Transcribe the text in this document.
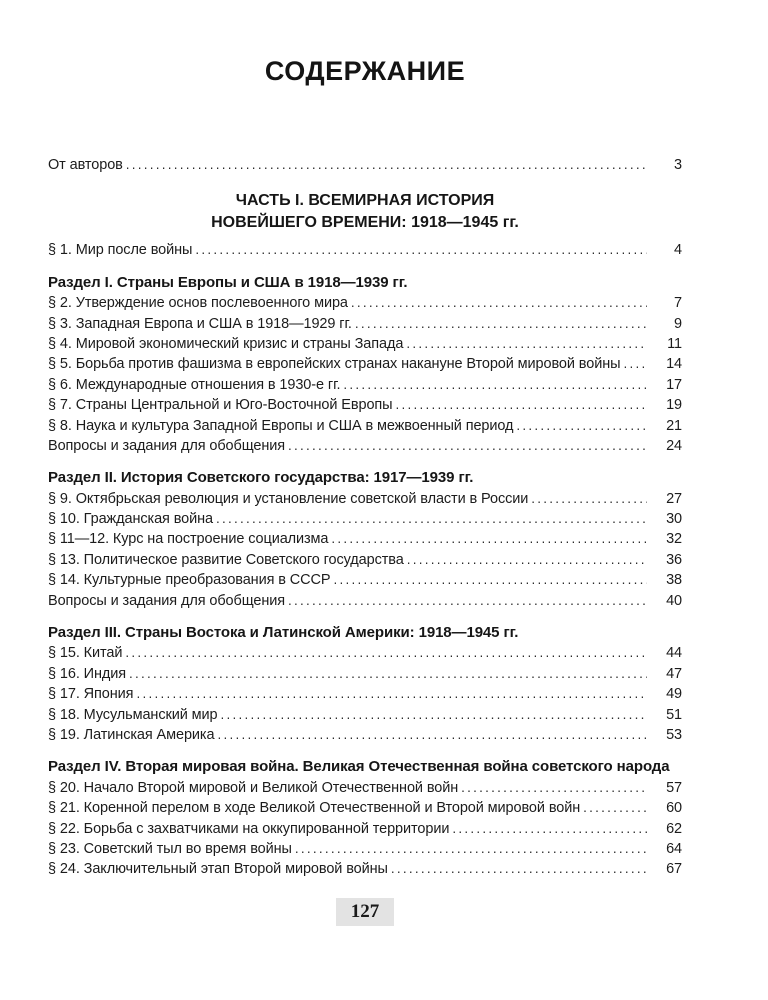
СОДЕРЖАНИЕ
От авторов . . .	3
ЧАСТЬ I. ВСЕМИРНАЯ ИСТОРИЯ
НОВЕЙШЕГО ВРЕМЕНИ: 1918—1945 гг.
§ 1. Мир после войны . . .	4
Раздел I. Страны Европы и США в 1918—1939 гг.
§ 2. Утверждение основ послевоенного мира . . .	7
§ 3. Западная Европа и США в 1918—1929 гг. . . .	9
§ 4. Мировой экономический кризис и страны Запада . . .	11
§ 5. Борьба против фашизма в европейских странах накануне Второй мировой войны . . .	14
§ 6. Международные отношения в 1930-е гг. . . .	17
§ 7. Страны Центральной и Юго-Восточной Европы . . .	19
§ 8. Наука и культура Западной Европы и США в межвоенный период . . .	21
Вопросы и задания для обобщения . . .	24
Раздел II. История Советского государства: 1917—1939 гг.
§ 9. Октябрьская революция и установление советской власти в России . . .	27
§ 10. Гражданская война . . .	30
§ 11—12. Курс на построение социализма . . .	32
§ 13. Политическое развитие Советского государства . . .	36
§ 14. Культурные преобразования в СССР . . .	38
Вопросы и задания для обобщения . . .	40
Раздел III. Страны Востока и Латинской Америки: 1918—1945 гг.
§ 15. Китай . . .	44
§ 16. Индия . . .	47
§ 17. Япония . . .	49
§ 18. Мусульманский мир . . .	51
§ 19. Латинская Америка . . .	53
Раздел IV. Вторая мировая война. Великая Отечественная война советского народа
§ 20. Начало Второй мировой и Великой Отечественной войн . . .	57
§ 21. Коренной перелом в ходе Великой Отечественной и Второй мировой войн . . .	60
§ 22. Борьба с захватчиками на оккупированной территории . . .	62
§ 23. Советский тыл во время войны . . .	64
§ 24. Заключительный этап Второй мировой войны . . .	67
127
